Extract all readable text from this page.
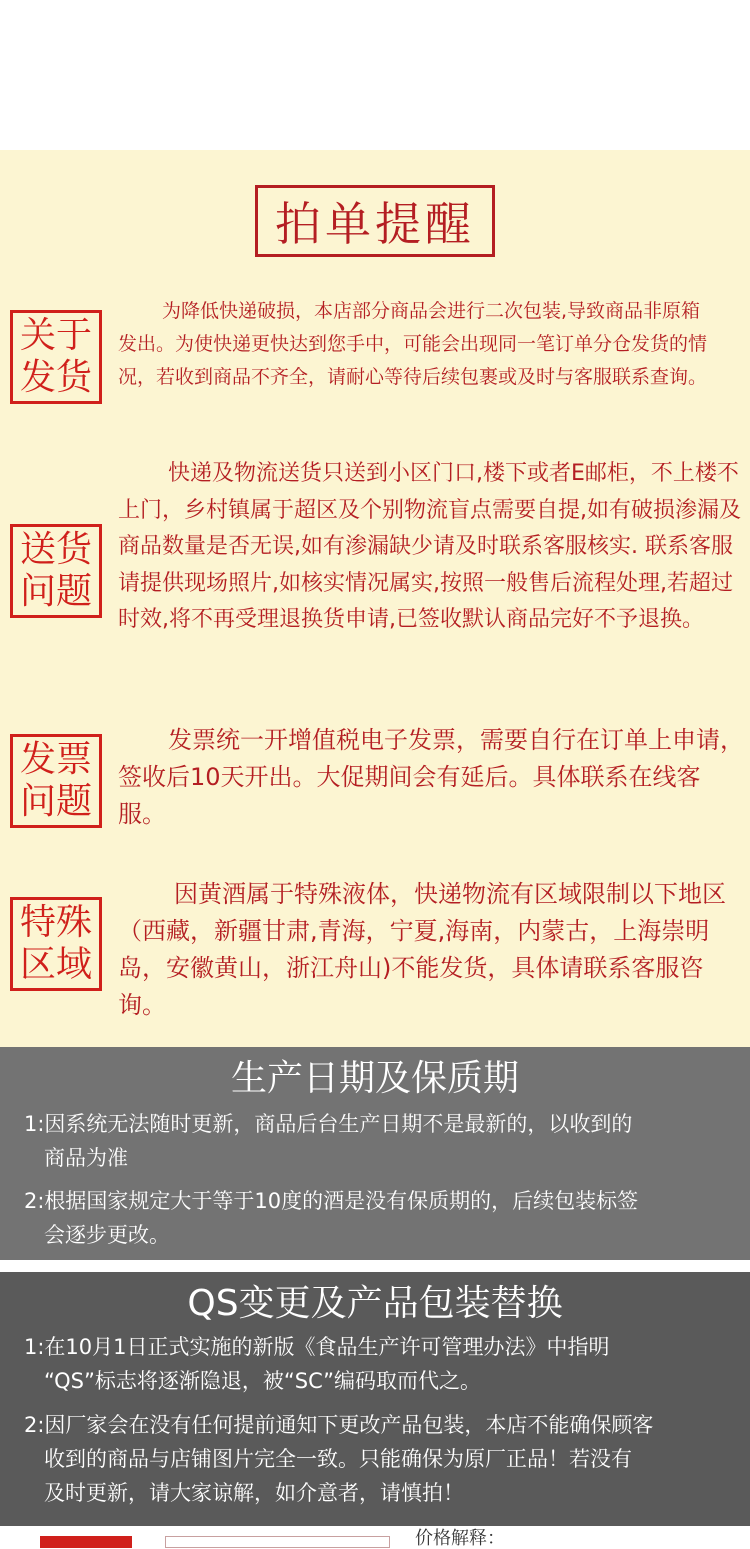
拍单提醒
关于
发货
为降低快递破损，本店部分商品会进行二次包装,导致商品非原箱发出。为使快递更快达到您手中，可能会出现同一笔订单分仓发货的情况，若收到商品不齐全，请耐心等待后续包裹或及时与客服联系查询。
送货
问题
快递及物流送货只送到小区门口,楼下或者E邮柜，不上楼不上门，乡村镇属于超区及个别物流盲点需要自提,如有破损渗漏及商品数量是否无误,如有渗漏缺少请及时联系客服核实. 联系客服请提供现场照片,如核实情况属实,按照一般售后流程处理,若超过时效,将不再受理退换货申请,已签收默认商品完好不予退换。
发票
问题
发票统一开增值税电子发票，需要自行在订单上申请，签收后10天开出。大促期间会有延后。具体联系在线客服。
特殊
区域
因黄酒属于特殊液体，快递物流有区域限制以下地区（西藏，新疆甘肃,青海，宁夏,海南，内蒙古，上海崇明岛，安徽黄山，浙江舟山)不能发货，具体请联系客服咨询。
生产日期及保质期
1:因系统无法随时更新，商品后台生产日期不是最新的，以收到的
商品为准
2:根据国家规定大于等于10度的酒是没有保质期的，后续包装标签
会逐步更改。
QS变更及产品包装替换
1:在10月1日正式实施的新版《食品生产许可管理办法》中指明
“QS”标志将逐渐隐退，被“SC”编码取而代之。
2:因厂家会在没有任何提前通知下更改产品包装，本店不能确保顾客
收到的商品与店铺图片完全一致。只能确保为原厂正品！若没有
及时更新，请大家谅解，如介意者，请慎拍！
价格解释：
